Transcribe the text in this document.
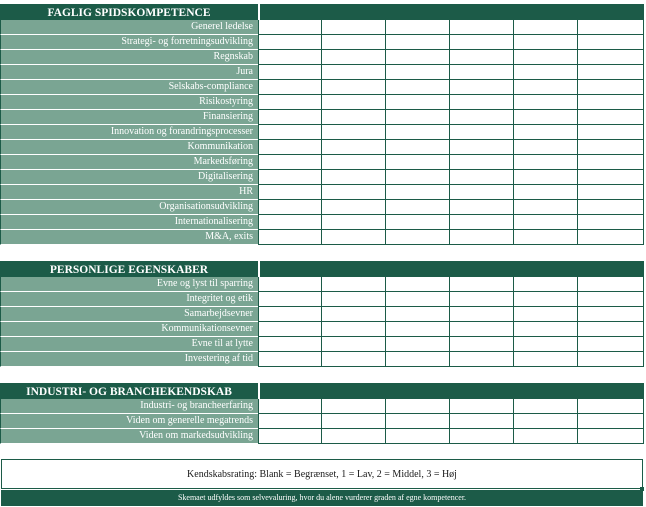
FAGLIG SPIDSKOMPETENCE
Generel ledelse
Strategi- og forretningsudvikling
Regnskab
Jura
Selskabs-compliance
Risikostyring
Finansiering
Innovation og forandringsprocesser
Kommunikation
Markedsføring
Digitalisering
HR
Organisationsudvikling
Internationalisering
M&A, exits
PERSONLIGE EGENSKABER
Evne og lyst til sparring
Integritet og etik
Samarbejdsevner
Kommunikationsevner
Evne til at lytte
Investering af tid
INDUSTRI- OG BRANCHEKENDSKAB
Industri- og brancheerfaring
Viden om generelle megatrends
Viden om markedsudvikling
Kendskabsrating: Blank = Begrænset, 1 = Lav, 2 = Middel, 3 = Høj
Skemaet udfyldes som selvevaluring, hvor du alene vurderer graden af egne kompetencer.
